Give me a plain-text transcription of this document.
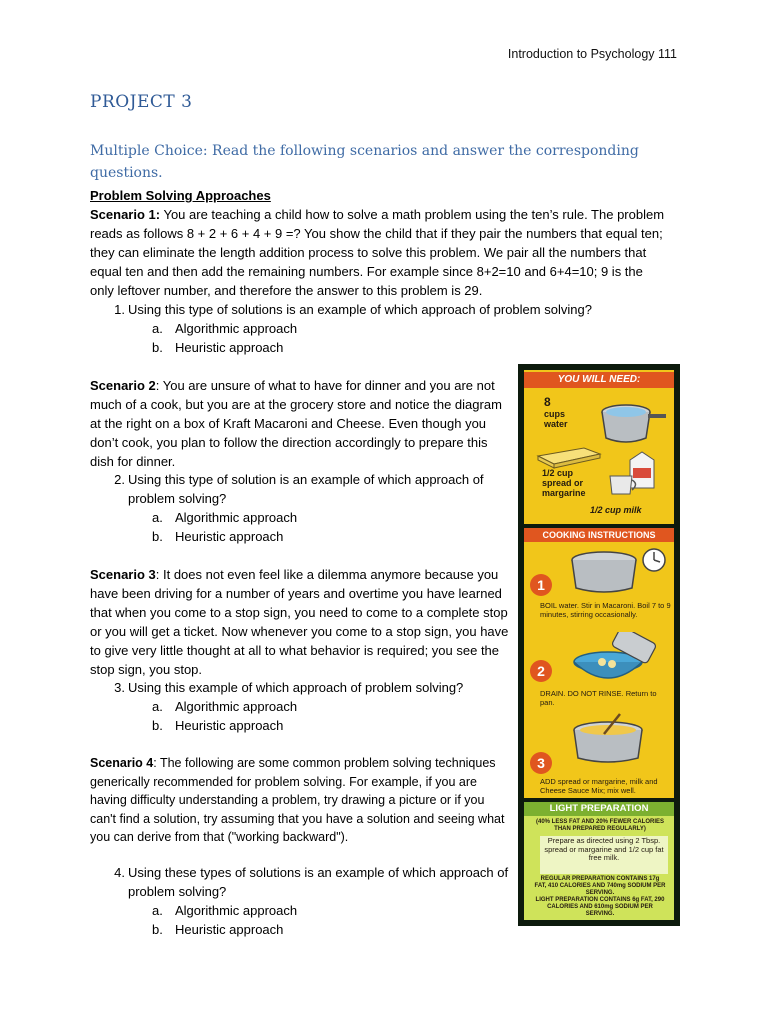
Introduction to Psychology 111
PROJECT 3
Multiple Choice: Read the following scenarios and answer the corresponding questions.
Problem Solving Approaches
Scenario 1: You are teaching a child how to solve a math problem using the ten’s rule. The problem reads as follows 8 + 2 + 6 + 4 + 9 =? You show the child that if they pair the numbers that equal ten; they can eliminate the length addition process to solve this problem. We pair all the numbers that equal ten and then add the remaining numbers. For example since 8+2=10 and 6+4=10; 9 is the only leftover number, and therefore the answer to this problem is 29.
1. Using this type of solutions is an example of which approach of problem solving?
a. Algorithmic approach
b. Heuristic approach
Scenario 2: You are unsure of what to have for dinner and you are not much of a cook, but you are at the grocery store and notice the diagram at the right on a box of Kraft Macaroni and Cheese. Even though you don’t cook, you plan to follow the direction accordingly to prepare this dish for dinner.
2. Using this type of solution is an example of which approach of problem solving?
a. Algorithmic approach
b. Heuristic approach
Scenario 3: It does not even feel like a dilemma anymore because you have been driving for a number of years and overtime you have learned that when you come to a stop sign, you need to come to a complete stop or you will get a ticket. Now whenever you come to a stop sign, you have to give very little thought at all to what behavior is required; you see the stop sign, you stop.
3. Using this example of which approach of problem solving?
a. Algorithmic approach
b. Heuristic approach
Scenario 4: The following are some common problem solving techniques generically recommended for problem solving. For example, if you are having difficulty understanding a problem, try drawing a picture or if you can't find a solution, try assuming that you have a solution and seeing what you can derive from that ("working backward").
4. Using these types of solutions is an example of which approach of problem solving?
a. Algorithmic approach
b. Heuristic approach
YOU WILL NEED:
8
cups water
1/2 cup spread or margarine
1/2 cup milk
COOKING INSTRUCTIONS
1
BOIL water. Stir in Macaroni. Boil 7 to 9 minutes, stirring occasionally.
2
DRAIN. DO NOT RINSE. Return to pan.
3
ADD spread or margarine, milk and Cheese Sauce Mix; mix well.
LIGHT PREPARATION
(40% LESS FAT AND 20% FEWER CALORIES THAN PREPARED REGULARLY)
Prepare as directed using 2 Tbsp. spread or margarine and 1/2 cup fat free milk.
REGULAR PREPARATION CONTAINS 17g FAT, 410 CALORIES AND 740mg SODIUM PER SERVING.
LIGHT PREPARATION CONTAINS 6g FAT, 290 CALORIES AND 610mg SODIUM PER SERVING.
